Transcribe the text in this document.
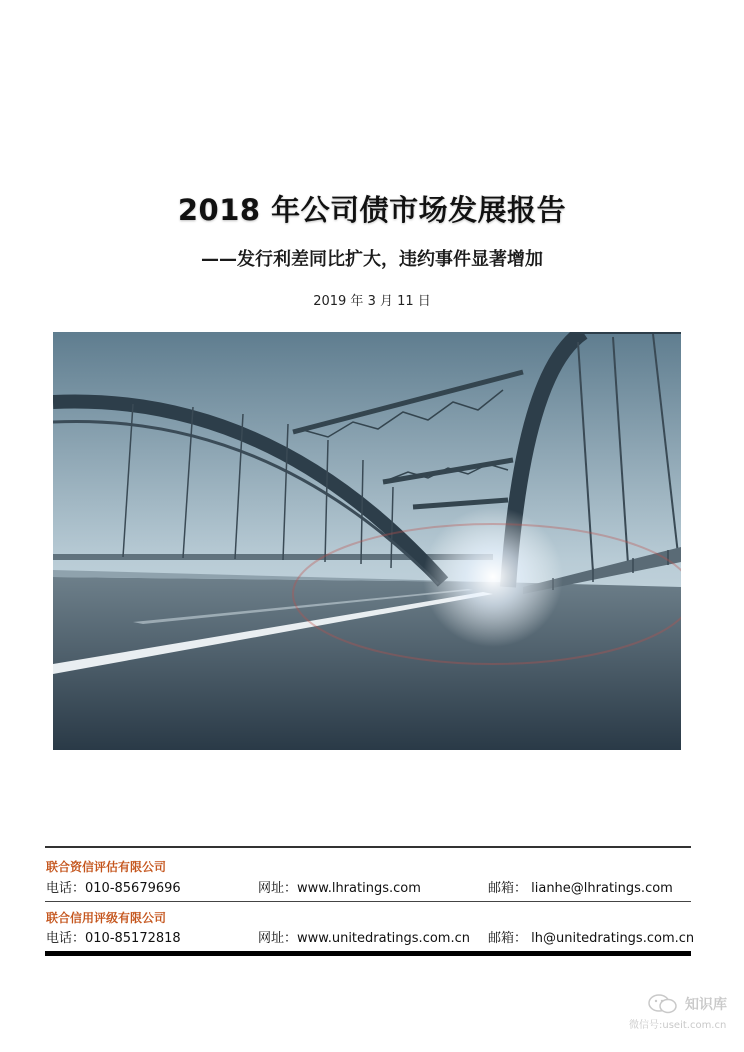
2018 年公司债市场发展报告
——发行利差同比扩大，违约事件显著增加
2019 年 3 月 11 日
联合资信评估有限公司
电话：010-85679696	网址：www.lhratings.com	邮箱： lianhe@lhratings.com
联合信用评级有限公司
电话：010-85172818	网址：www.unitedratings.com.cn 邮箱： lh@unitedratings.com.cn
知识库
微信号:useit.com.cn
